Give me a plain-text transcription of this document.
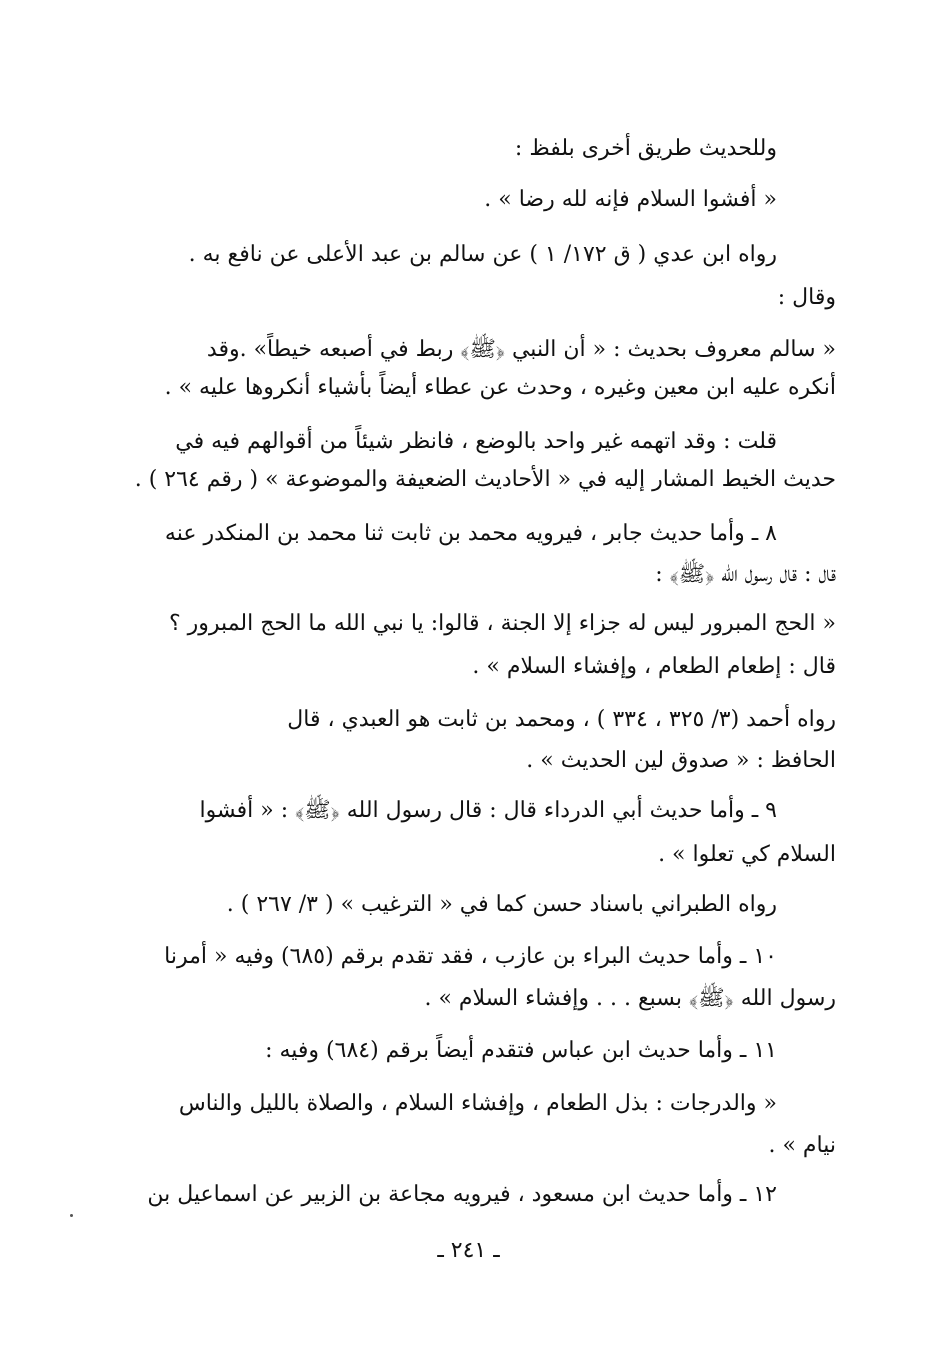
وللحديث طريق أخرى بلفظ :
« أفشوا السلام فإنه لله رضا » .
رواه ابن عدي ( ق ١٧٢/ ١ ) عن سالم بن عبد الأعلى عن نافع به .
وقال :
« سالم معروف بحديث : « أن النبي ﴿ﷺ﴾ ربط في أصبعه خيطاً» .وقد
أنكره عليه ابن معين وغيره ، وحدث عن عطاء أيضاً بأشياء أنكروها عليه » .
قلت : وقد اتهمه غير واحد بالوضع ، فانظر شيئاً من أقوالهم فيه في
حديث الخيط المشار إليه في « الأحاديث الضعيفة والموضوعة » ( رقم ٢٦٤ ) .
٨ ـ وأما حديث جابر ، فيرويه محمد بن ثابت ثنا محمد بن المنكدر عنه
قال : قال رسول الله ﴿ﷺ﴾ :
« الحج المبرور ليس له جزاء إلا الجنة ، قالوا: يا نبي الله ما الحج المبرور ؟
قال : إطعام الطعام ، وإفشاء السلام » .
رواه أحمد (٣/ ٣٢٥ ، ٣٣٤ ) ، ومحمد بن ثابت هو العبدي ، قال
الحافظ : « صدوق لين الحديث » .
٩ ـ وأما حديث أبي الدرداء قال : قال رسول الله ﴿ﷺ﴾ : « أفشوا
السلام كي تعلوا » .
رواه الطبراني باسناد حسن كما في « الترغيب » ( ٣/ ٢٦٧ ) .
١٠ ـ وأما حديث البراء بن عازب ، فقد تقدم برقم (٦٨٥) وفيه « أمرنا
رسول الله ﴿ﷺ﴾ بسبع . . . وإفشاء السلام » .
١١ ـ وأما حديث ابن عباس فتقدم أيضاً برقم (٦٨٤) وفيه :
« والدرجات : بذل الطعام ، وإفشاء السلام ، والصلاة بالليل والناس
نيام » .
١٢ ـ وأما حديث ابن مسعود ، فيرويه مجاعة بن الزبير عن اسماعيل بن
ـ ٢٤١ ـ
